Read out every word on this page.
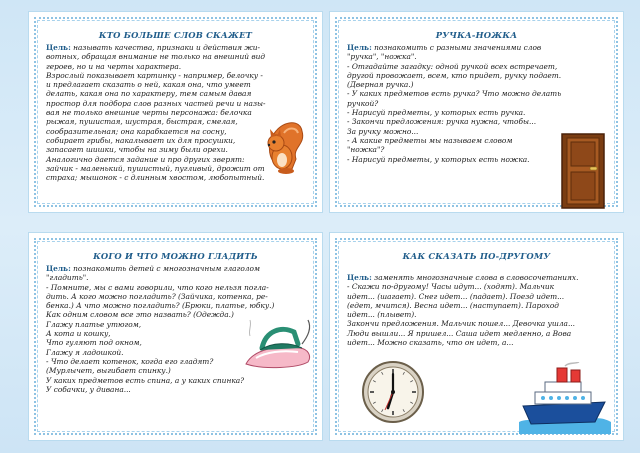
КТО БОЛЬШЕ СЛОВ СКАЖЕТ
Цель: называть качества, признаки и действия жи-
вотных, обращая внимание не только на внешний вид
героев, но и на черты характера.
Взрослый показывает картинку - например, белочку -
и предлагает сказать о ней, какая она, что умеет
делать, какая она по характеру, тем самым давая
простор для подбора слов разных частей речи и назы-
вая не только внешние черты персонажа: белочка
рыжая, пушистая, шустрая, быстрая, смелая,
сообразительная; она карабкается на сосну,
собирает грибы, накалывает их для просушки,
запасает шишки, чтобы на зиму были орехи.
Аналогично дается задание и про других зверят:
зайчик - маленький, пушистый, пугливый, дрожит от
страха; мышонок - с длинным хвостом, любопытный.
РУЧКА-НОЖКА
Цель: познакомить с разными значениями слов
"ручка", "ножка".
- Отгадайте загадку: одной ручкой всех встречает,
другой провожает, всем, кто придет, ручку подает.
(Дверная ручка.)
- У каких предметов есть ручка? Что можно делать
ручкой?
- Нарисуй предметы, у которых есть ручка.
- Закончи предложения: ручка нужна, чтобы...
За ручку можно...
- А какие предметы мы называем словом
"ножка"?
- Нарисуй предметы, у которых есть ножка.
КОГО И ЧТО МОЖНО ГЛАДИТЬ
Цель: познакомить детей с многозначным глаголом
"гладить".
- Помните, мы с вами говорили, что кого нельзя погла-
дить. А кого можно погладить? (Зайчика, котенка, ре-
бенка.) А что можно погладить? (Брюки, платье, юбку.)
Как одним словом все это назвать? (Одежда.)
Глажу платье утюгом,
А кота и кошку,
Что гуляют под окном,
Глажу я ладошкой.
- Что делает котенок, когда его гладят?
(Мурлычет, выгибает спинку.)
У каких предметов есть спина, а у каких спинка?
У собачки, у дивана...
КАК СКАЗАТЬ ПО-ДРУГОМУ
Цель: заменять многозначные слова в словосочетаниях.
- Скажи по-другому! Часы идут... (ходят). Мальчик
идет... (шагает). Снег идет... (падает). Поезд идет...
(едет, мчится). Весна идет... (наступает). Пароход
идет... (плывет).
Закончи предложения. Мальчик пошел... Девочка ушла...
Люди вышли... Я пришел... Саша идет медленно, а Вова
идет... Можно сказать, что он идет, а...
